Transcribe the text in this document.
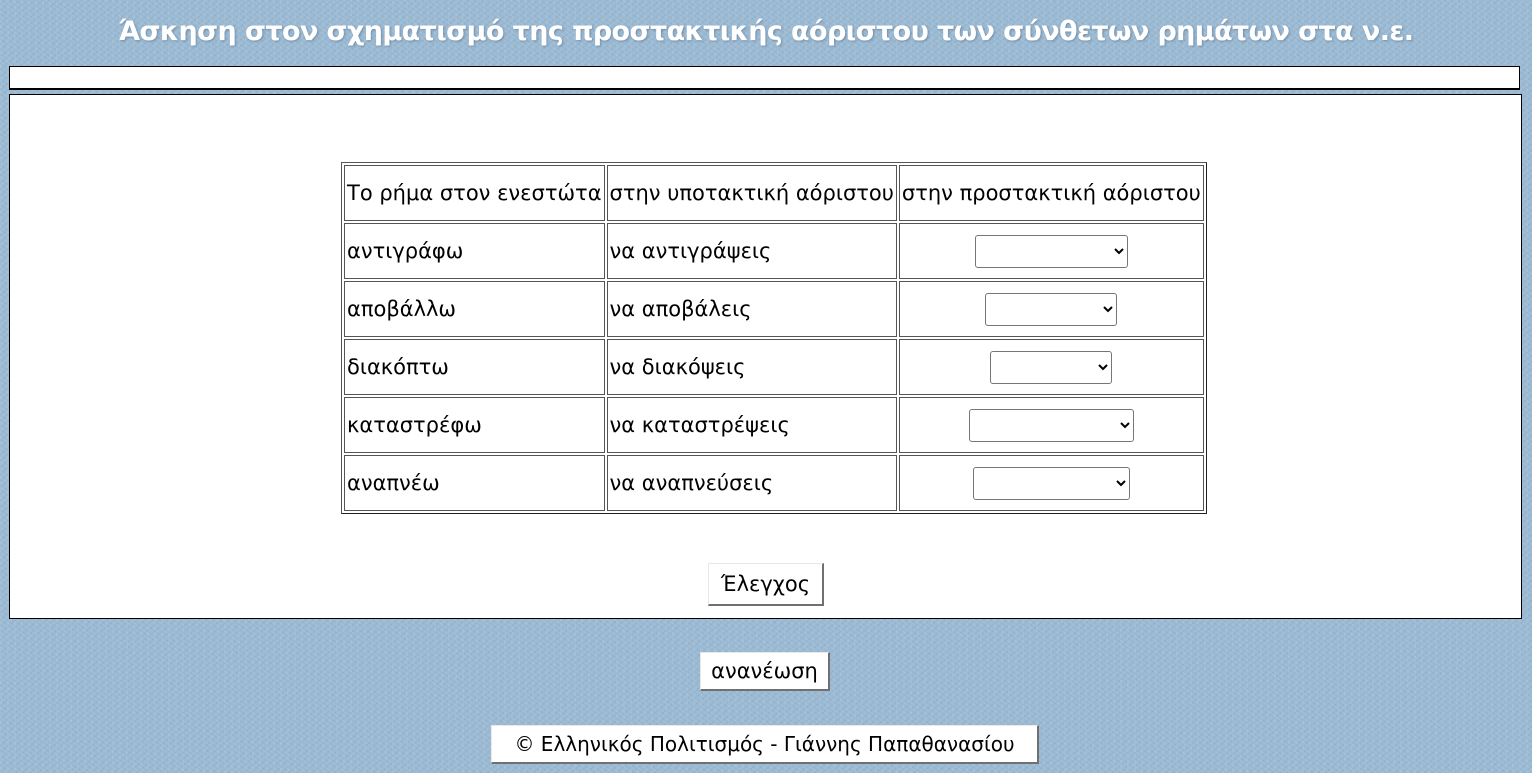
Άσκηση στον σχηματισμό της προστακτικής αόριστου των σύνθετων ρημάτων στα ν.ε.
Το ρήμα στον ενεστώτα	στην υποτακτική αόριστου	στην προστακτική αόριστου
αντιγράφω	να αντιγράψεις	

αποβάλλω	να αποβάλεις	

διακόπτω	να διακόψεις	

καταστρέφω	να καταστρέψεις	

αναπνέω	να αναπνεύσεις	
Έλεγχος
ανανέωση
© Ελληνικός Πολιτισμός - Γιάννης Παπαθανασίου
